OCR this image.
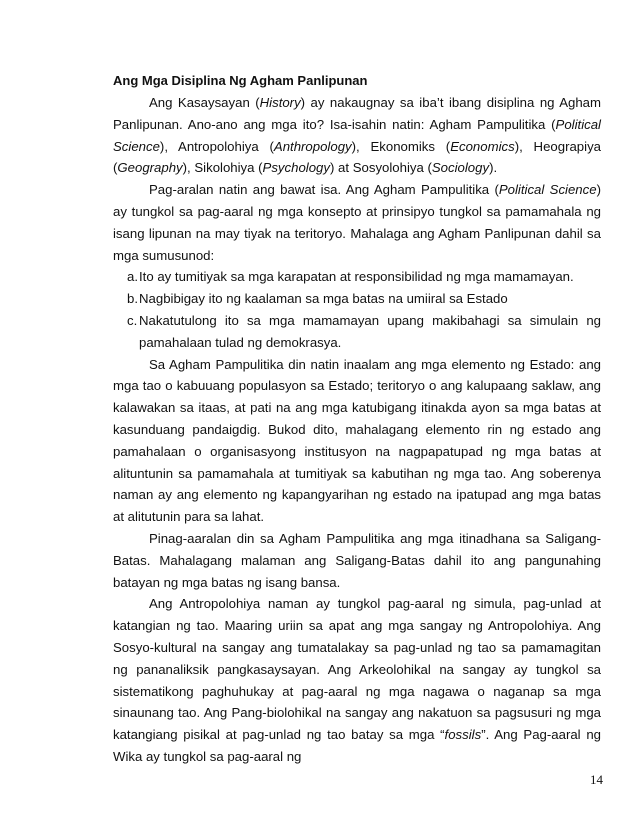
Ang Mga Disiplina Ng Agham Panlipunan

Ang Kasaysayan (History) ay nakaugnay sa iba’t ibang disiplina ng Agham Panlipunan. Ano-ano ang mga ito? Isa-isahin natin: Agham Pampulitika (Political Science), Antropolohiya (Anthropology), Ekonomiks (Economics), Heograpiya (Geography), Sikolohiya (Psychology) at Sosyolohiya (Sociology).

Pag-aralan natin ang bawat isa. Ang Agham Pampulitika (Political Science) ay tungkol sa pag-aaral ng mga konsepto at prinsipyo tungkol sa pamamahala ng isang lipunan na may tiyak na teritoryo. Mahalaga ang Agham Panlipunan dahil sa mga sumusunod:

a. Ito ay tumitiyak sa mga karapatan at responsibilidad ng mga mamamayan.
b. Nagbibigay ito ng kaalaman sa mga batas na umiiral sa Estado
c. Nakatutulong ito sa mga mamamayan upang makibahagi sa simulain ng pamahalaan tulad ng demokrasya.

Sa Agham Pampulitika din natin inaalam ang mga elemento ng Estado: ang mga tao o kabuuang populasyon sa Estado; teritoryo o ang kalupaang saklaw, ang kalawakan sa itaas, at pati na ang mga katubigang itinakda ayon sa mga batas at kasunduang pandaigdig. Bukod dito, mahalagang elemento rin ng estado ang pamahalaan o organisasyong institusyon na nagpapatupad ng mga batas at alituntunin sa pamamahala at tumitiyak sa kabutihan ng mga tao. Ang soberenya naman ay ang elemento ng kapangyarihan ng estado na ipatupad ang mga batas at alitutunin para sa lahat.

Pinag-aaralan din sa Agham Pampulitika ang mga itinadhana sa Saligang-Batas. Mahalagang malaman ang Saligang-Batas dahil ito ang pangunahing batayan ng mga batas ng isang bansa.

Ang Antropolohiya naman ay tungkol pag-aaral ng simula, pag-unlad at katangian ng tao. Maaring uriin sa apat ang mga sangay ng Antropolohiya. Ang Sosyo-kultural na sangay ang tumatalakay sa pag-unlad ng tao sa pamamagitan ng pananaliksik pangkasaysayan. Ang Arkeolohikal na sangay ay tungkol sa sistematikong paghuhukay at pag-aaral ng mga nagawa o naganap sa mga sinaunang tao. Ang Pang-biolohikal na sangay ang nakatuon sa pagsusuri ng mga katangiang pisikal at pag-unlad ng tao batay sa mga “fossils”. Ang Pag-aaral ng Wika ay tungkol sa pag-aaral ng

14
